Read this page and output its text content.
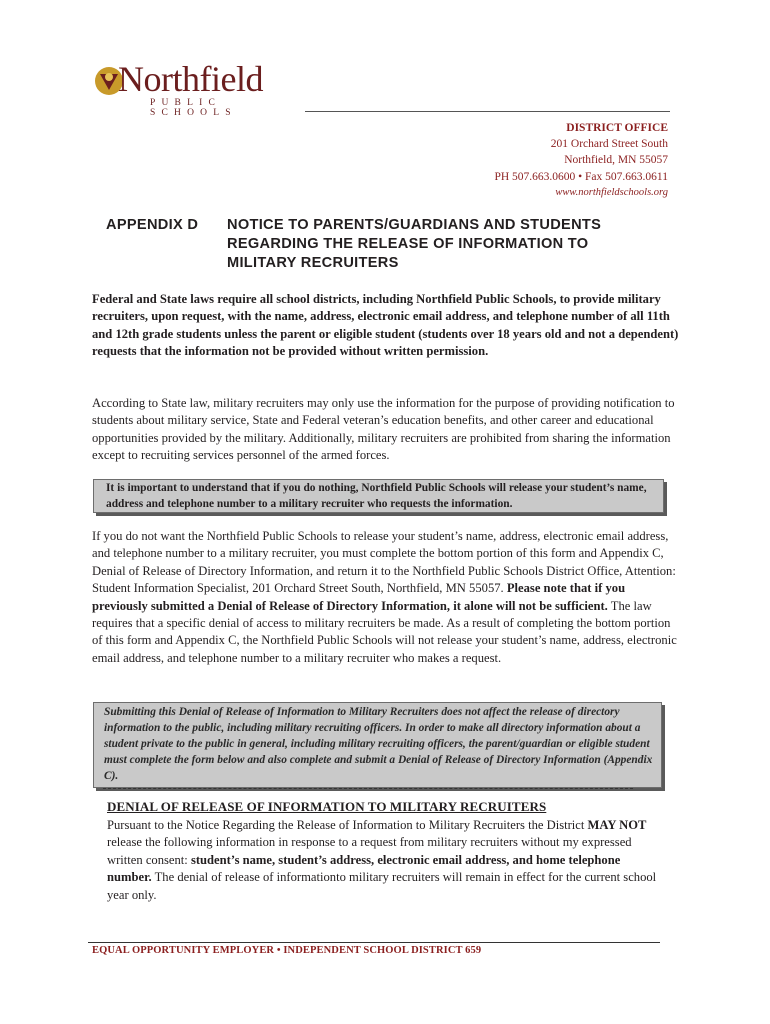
Northfield
PUBLIC SCHOOLS
DISTRICT OFFICE
201 Orchard Street South
Northfield, MN 55057
PH 507.663.0600 • Fax 507.663.0611
www.northfieldschools.org
APPENDIX D NOTICE TO PARENTS/GUARDIANS AND STUDENTS
REGARDING THE RELEASE OF INFORMATION TO
MILITARY RECRUITERS
Federal and State laws require all school districts, including Northfield Public Schools, to provide military recruiters, upon request, with the name, address, electronic email address, and telephone number of all 11th and 12th grade students unless the parent or eligible student (students over 18 years old and not a dependent) requests that the information not be provided without written permission.
According to State law, military recruiters may only use the information for the purpose of providing notification to students about military service, State and Federal veteran’s education benefits, and other career and educational opportunities provided by the military. Additionally, military recruiters are prohibited from sharing the information except to recruiting services personnel of the armed forces.
It is important to understand that if you do nothing, Northfield Public Schools will release your student’s name, address and telephone number to a military recruiter who requests the information.
If you do not want the Northfield Public Schools to release your student’s name, address, electronic email address, and telephone number to a military recruiter, you must complete the bottom portion of this form and Appendix C, Denial of Release of Directory Information, and return it to the Northfield Public Schools District Office, Attention: Student Information Specialist, 201 Orchard Street South, Northfield, MN 55057. Please note that if you previously submitted a Denial of Release of Directory Information, it alone will not be sufficient. The law requires that a specific denial of access to military recruiters be made. As a result of completing the bottom portion of this form and Appendix C, the Northfield Public Schools will not release your student’s name, address, electronic email address, and telephone number to a military recruiter who makes a request.
Submitting this Denial of Release of Information to Military Recruiters does not affect the release of directory information to the public, including military recruiting officers. In order to make all directory information about a student private to the public in general, including military recruiting officers, the parent/guardian or eligible student must complete the form below and also complete and submit a Denial of Release of Directory Information (Appendix C).
DENIAL OF RELEASE OF INFORMATION TO MILITARY RECRUITERS
Pursuant to the Notice Regarding the Release of Information to Military Recruiters the District MAY NOT release the following information in response to a request from military recruiters without my expressed written consent: student’s name, student’s address, electronic email address, and home telephone number. The denial of release of informationto military recruiters will remain in effect for the current school year only.
EQUAL OPPORTUNITY EMPLOYER • INDEPENDENT SCHOOL DISTRICT 659
